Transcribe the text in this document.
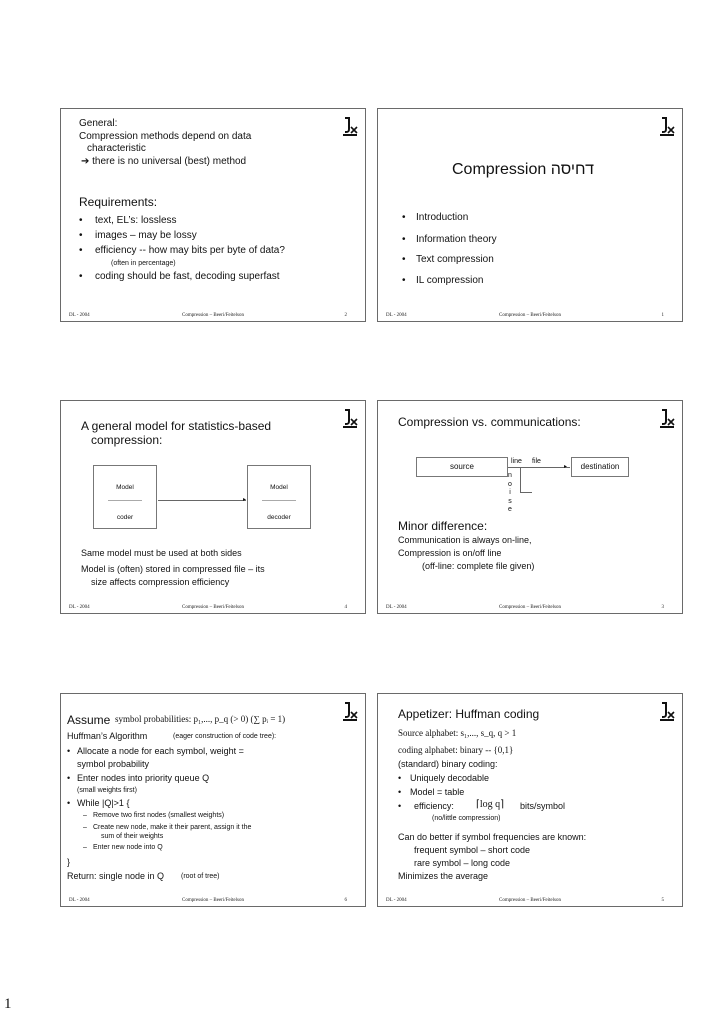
General:
Compression methods depend on data
characteristic
➔ there is no universal (best) method
Requirements:
• text, EL’s: lossless
• images – may be lossy
• efficiency -- how may bits per byte of data?
(often in percentage)
• coding should be fast, decoding superfast
DL - 2004	Compression – Beeri/Feitelson	2
Compression דחיסה
• Introduction
• Information theory
• Text compression
• IL compression
DL - 2004	Compression – Beeri/Feitelson	1
A general model for statistics-based
compression:
Model
coder
▸
Model
decoder
Same model must be used at both sides
Model is (often) stored in compressed file – its
size affects compression efficiency
DL - 2004	Compression – Beeri/Feitelson	4
Compression vs. communications:
line file
source	▸	destination
n
o
i
s
e
Minor difference:
Communication is always on-line,
Compression is on/off line
(off-line: complete file given)
DL - 2004	Compression – Beeri/Feitelson	3
Assume symbol probabilities: p₁,..., p_q (> 0) (∑ pᵢ = 1)
Huffman’s Algorithm	(eager construction of code tree):
• Allocate a node for each symbol, weight =
symbol probability
• Enter nodes into priority queue Q
(small weights first)
• While |Q|>1 {
– Remove two first nodes (smallest weights)
– Create new node, make it their parent, assign it the
sum of their weights
– Enter new node into Q
}
Return: single node in Q (root of tree)
DL - 2004	Compression – Beeri/Feitelson	6
Appetizer: Huffman coding
Source alphabet: s₁,..., s_q, q > 1
coding alphabet: binary -- {0,1}
(standard) binary coding:
• Uniquely decodable
• Model = table
• efficiency: ⌈log q⌉ bits/symbol
(no/little compression)
Can do better if symbol frequencies are known:
frequent symbol – short code
rare symbol – long code
Minimizes the average
DL - 2004	Compression – Beeri/Feitelson	5
1
